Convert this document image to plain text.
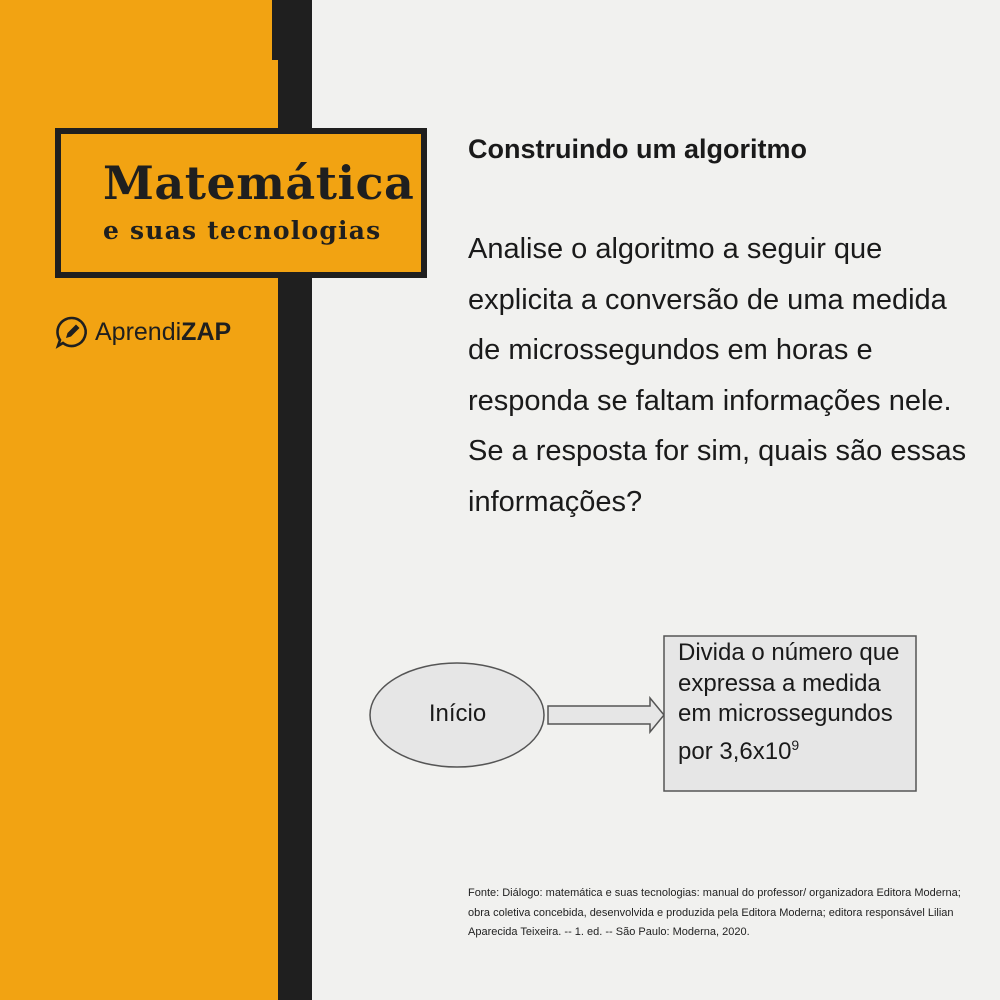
Matemática
e suas tecnologias
Aprendi ZAP
Construindo um algoritmo
Analise o algoritmo a seguir que explicita a conversão de uma medida de microssegundos em horas e responda se faltam informações nele. Se a resposta for sim, quais são essas informações?
Início
Divida o número que expressa a medida em microssegundos por $3,6x10^9$
Fonte: Diálogo: matemática e suas tecnologias: manual do professor/ organizadora Editora Moderna; obra coletiva concebida, desenvolvida e produzida pela Editora Moderna; editora responsável Lilian Aparecida Teixeira. -- 1. ed. -- São Paulo: Moderna, 2020.
